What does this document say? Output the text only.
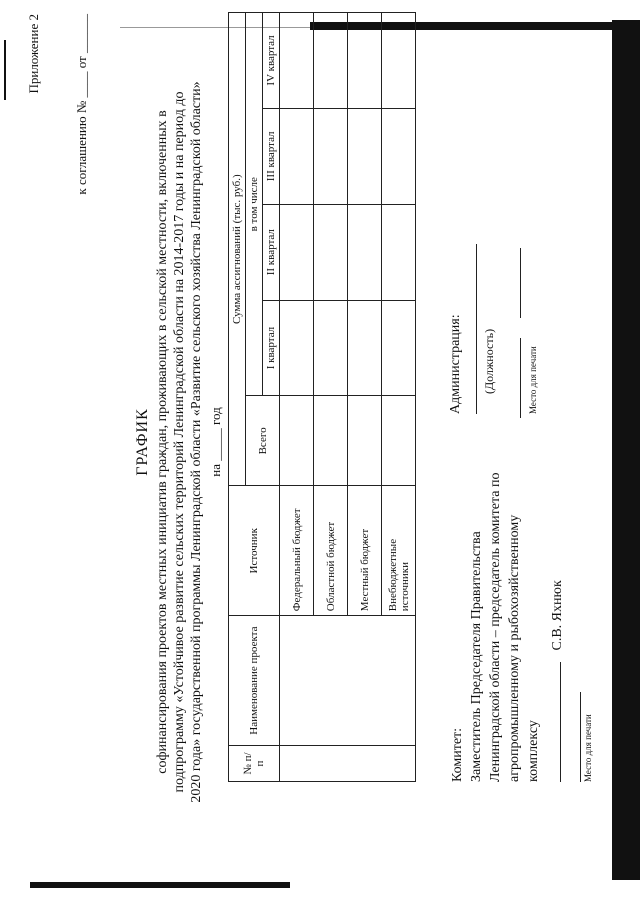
Приложение 2	к соглашению № ____ от ______
ГРАФИК софинансирования проектов местных инициатив граждан, проживающих в сельской местности, включенных в подпрограмму «Устойчивое развитие сельских территорий Ленинградской области на 2014-2017 годы и на период до 2020 года» государственной программы Ленинградской области «Развитие сельского хозяйства Ленинградской области» на _____ год
№ п/п	Наименование проекта	Источник	Сумма ассигнований (тыс. руб.)				
			Всего	в том числе			
				I квартал	II квартал	III квартал	IV квартал
		Федеральный бюджет					
		Областной бюджет					
		Местный бюджет					
		Внебюджетные источники					
Комитет: Заместитель Председателя Правительства Ленинградской области – председатель комитета по агропромышленному и рыбохозяйственному комплексу
С.В. Яхнюк
Место для печати
Администрация: (Должность)	Место для печати
